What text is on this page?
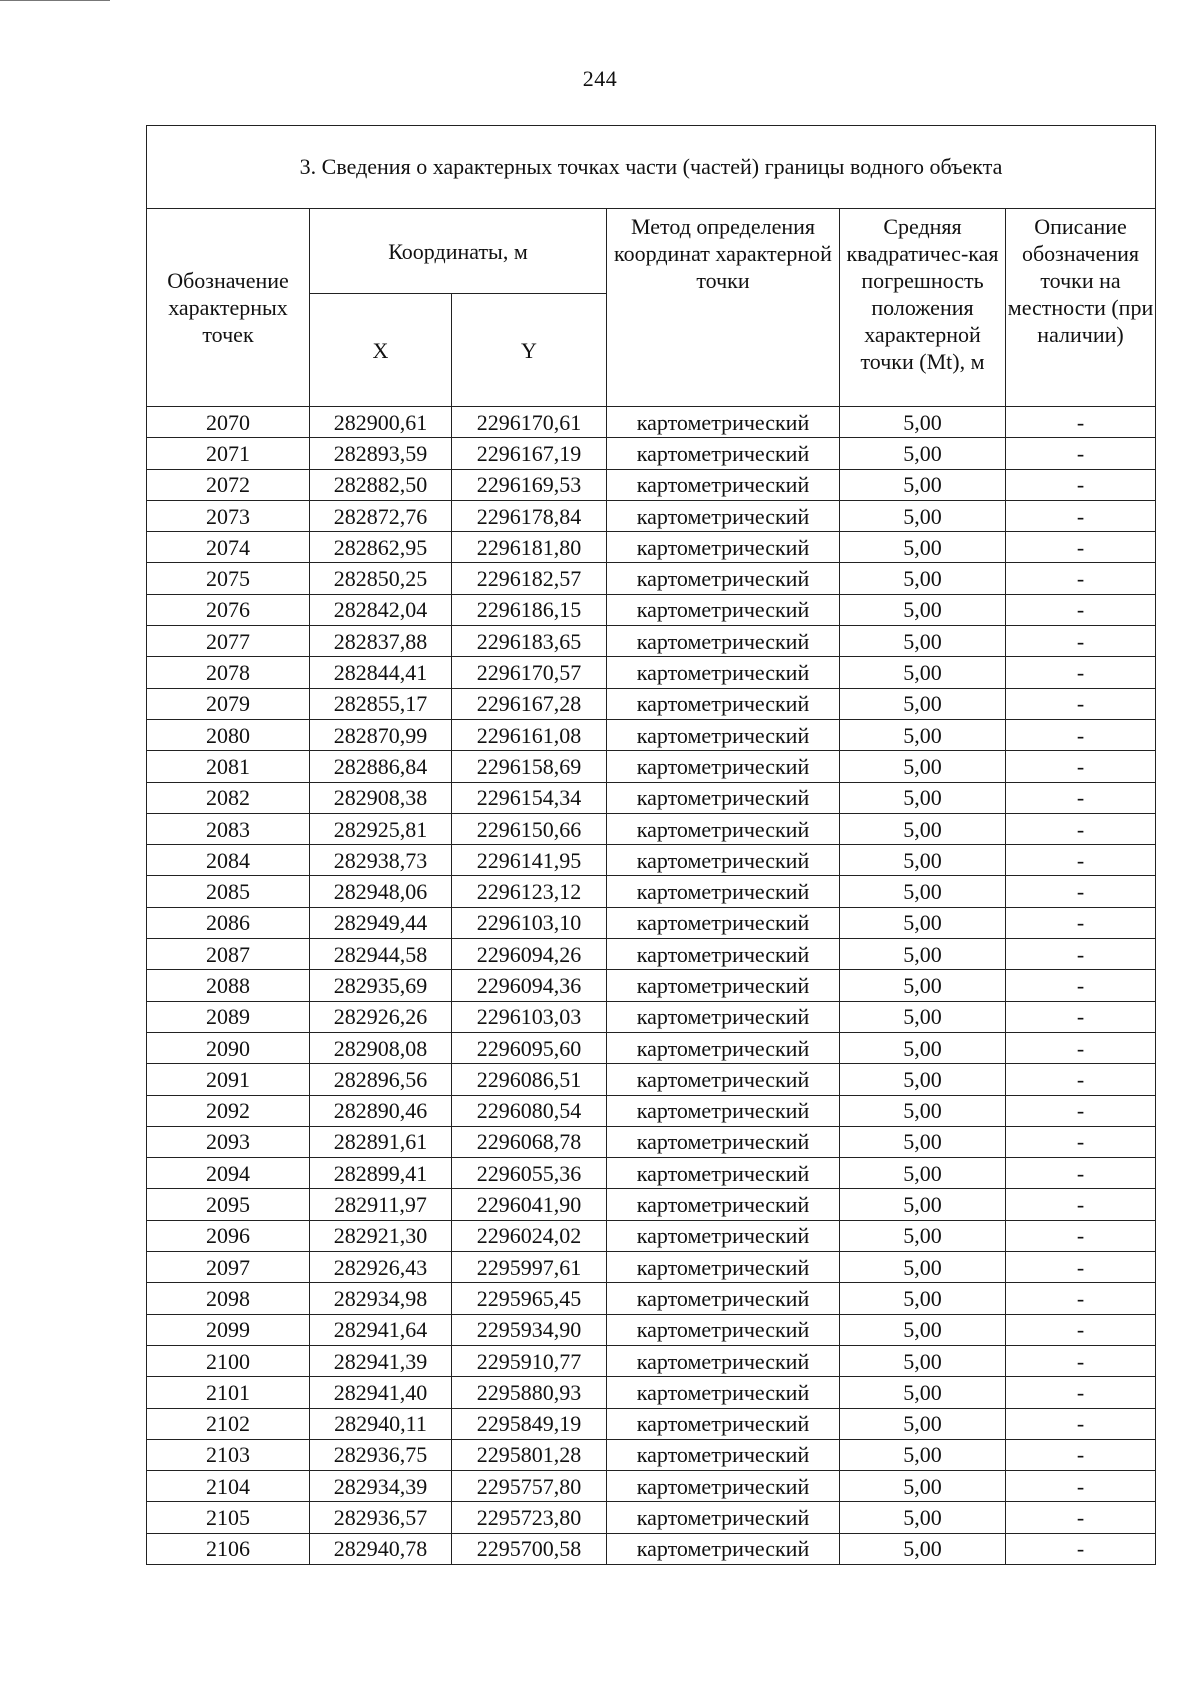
244
3. Сведения о характерных точках части (частей) границы водного объекта					
Обозначение характерных точек	Координаты, м		Метод определения координат характерной точки	Средняя квадратичес-кая погрешность положения характерной точки (Mt), м	Описание обозначения точки на местности (при наличии)
	X	Y			
2070	282900,61	2296170,61	картометрический	5,00	-
2071	282893,59	2296167,19	картометрический	5,00	-
2072	282882,50	2296169,53	картометрический	5,00	-
2073	282872,76	2296178,84	картометрический	5,00	-
2074	282862,95	2296181,80	картометрический	5,00	-
2075	282850,25	2296182,57	картометрический	5,00	-
2076	282842,04	2296186,15	картометрический	5,00	-
2077	282837,88	2296183,65	картометрический	5,00	-
2078	282844,41	2296170,57	картометрический	5,00	-
2079	282855,17	2296167,28	картометрический	5,00	-
2080	282870,99	2296161,08	картометрический	5,00	-
2081	282886,84	2296158,69	картометрический	5,00	-
2082	282908,38	2296154,34	картометрический	5,00	-
2083	282925,81	2296150,66	картометрический	5,00	-
2084	282938,73	2296141,95	картометрический	5,00	-
2085	282948,06	2296123,12	картометрический	5,00	-
2086	282949,44	2296103,10	картометрический	5,00	-
2087	282944,58	2296094,26	картометрический	5,00	-
2088	282935,69	2296094,36	картометрический	5,00	-
2089	282926,26	2296103,03	картометрический	5,00	-
2090	282908,08	2296095,60	картометрический	5,00	-
2091	282896,56	2296086,51	картометрический	5,00	-
2092	282890,46	2296080,54	картометрический	5,00	-
2093	282891,61	2296068,78	картометрический	5,00	-
2094	282899,41	2296055,36	картометрический	5,00	-
2095	282911,97	2296041,90	картометрический	5,00	-
2096	282921,30	2296024,02	картометрический	5,00	-
2097	282926,43	2295997,61	картометрический	5,00	-
2098	282934,98	2295965,45	картометрический	5,00	-
2099	282941,64	2295934,90	картометрический	5,00	-
2100	282941,39	2295910,77	картометрический	5,00	-
2101	282941,40	2295880,93	картометрический	5,00	-
2102	282940,11	2295849,19	картометрический	5,00	-
2103	282936,75	2295801,28	картометрический	5,00	-
2104	282934,39	2295757,80	картометрический	5,00	-
2105	282936,57	2295723,80	картометрический	5,00	-
2106	282940,78	2295700,58	картометрический	5,00	-
